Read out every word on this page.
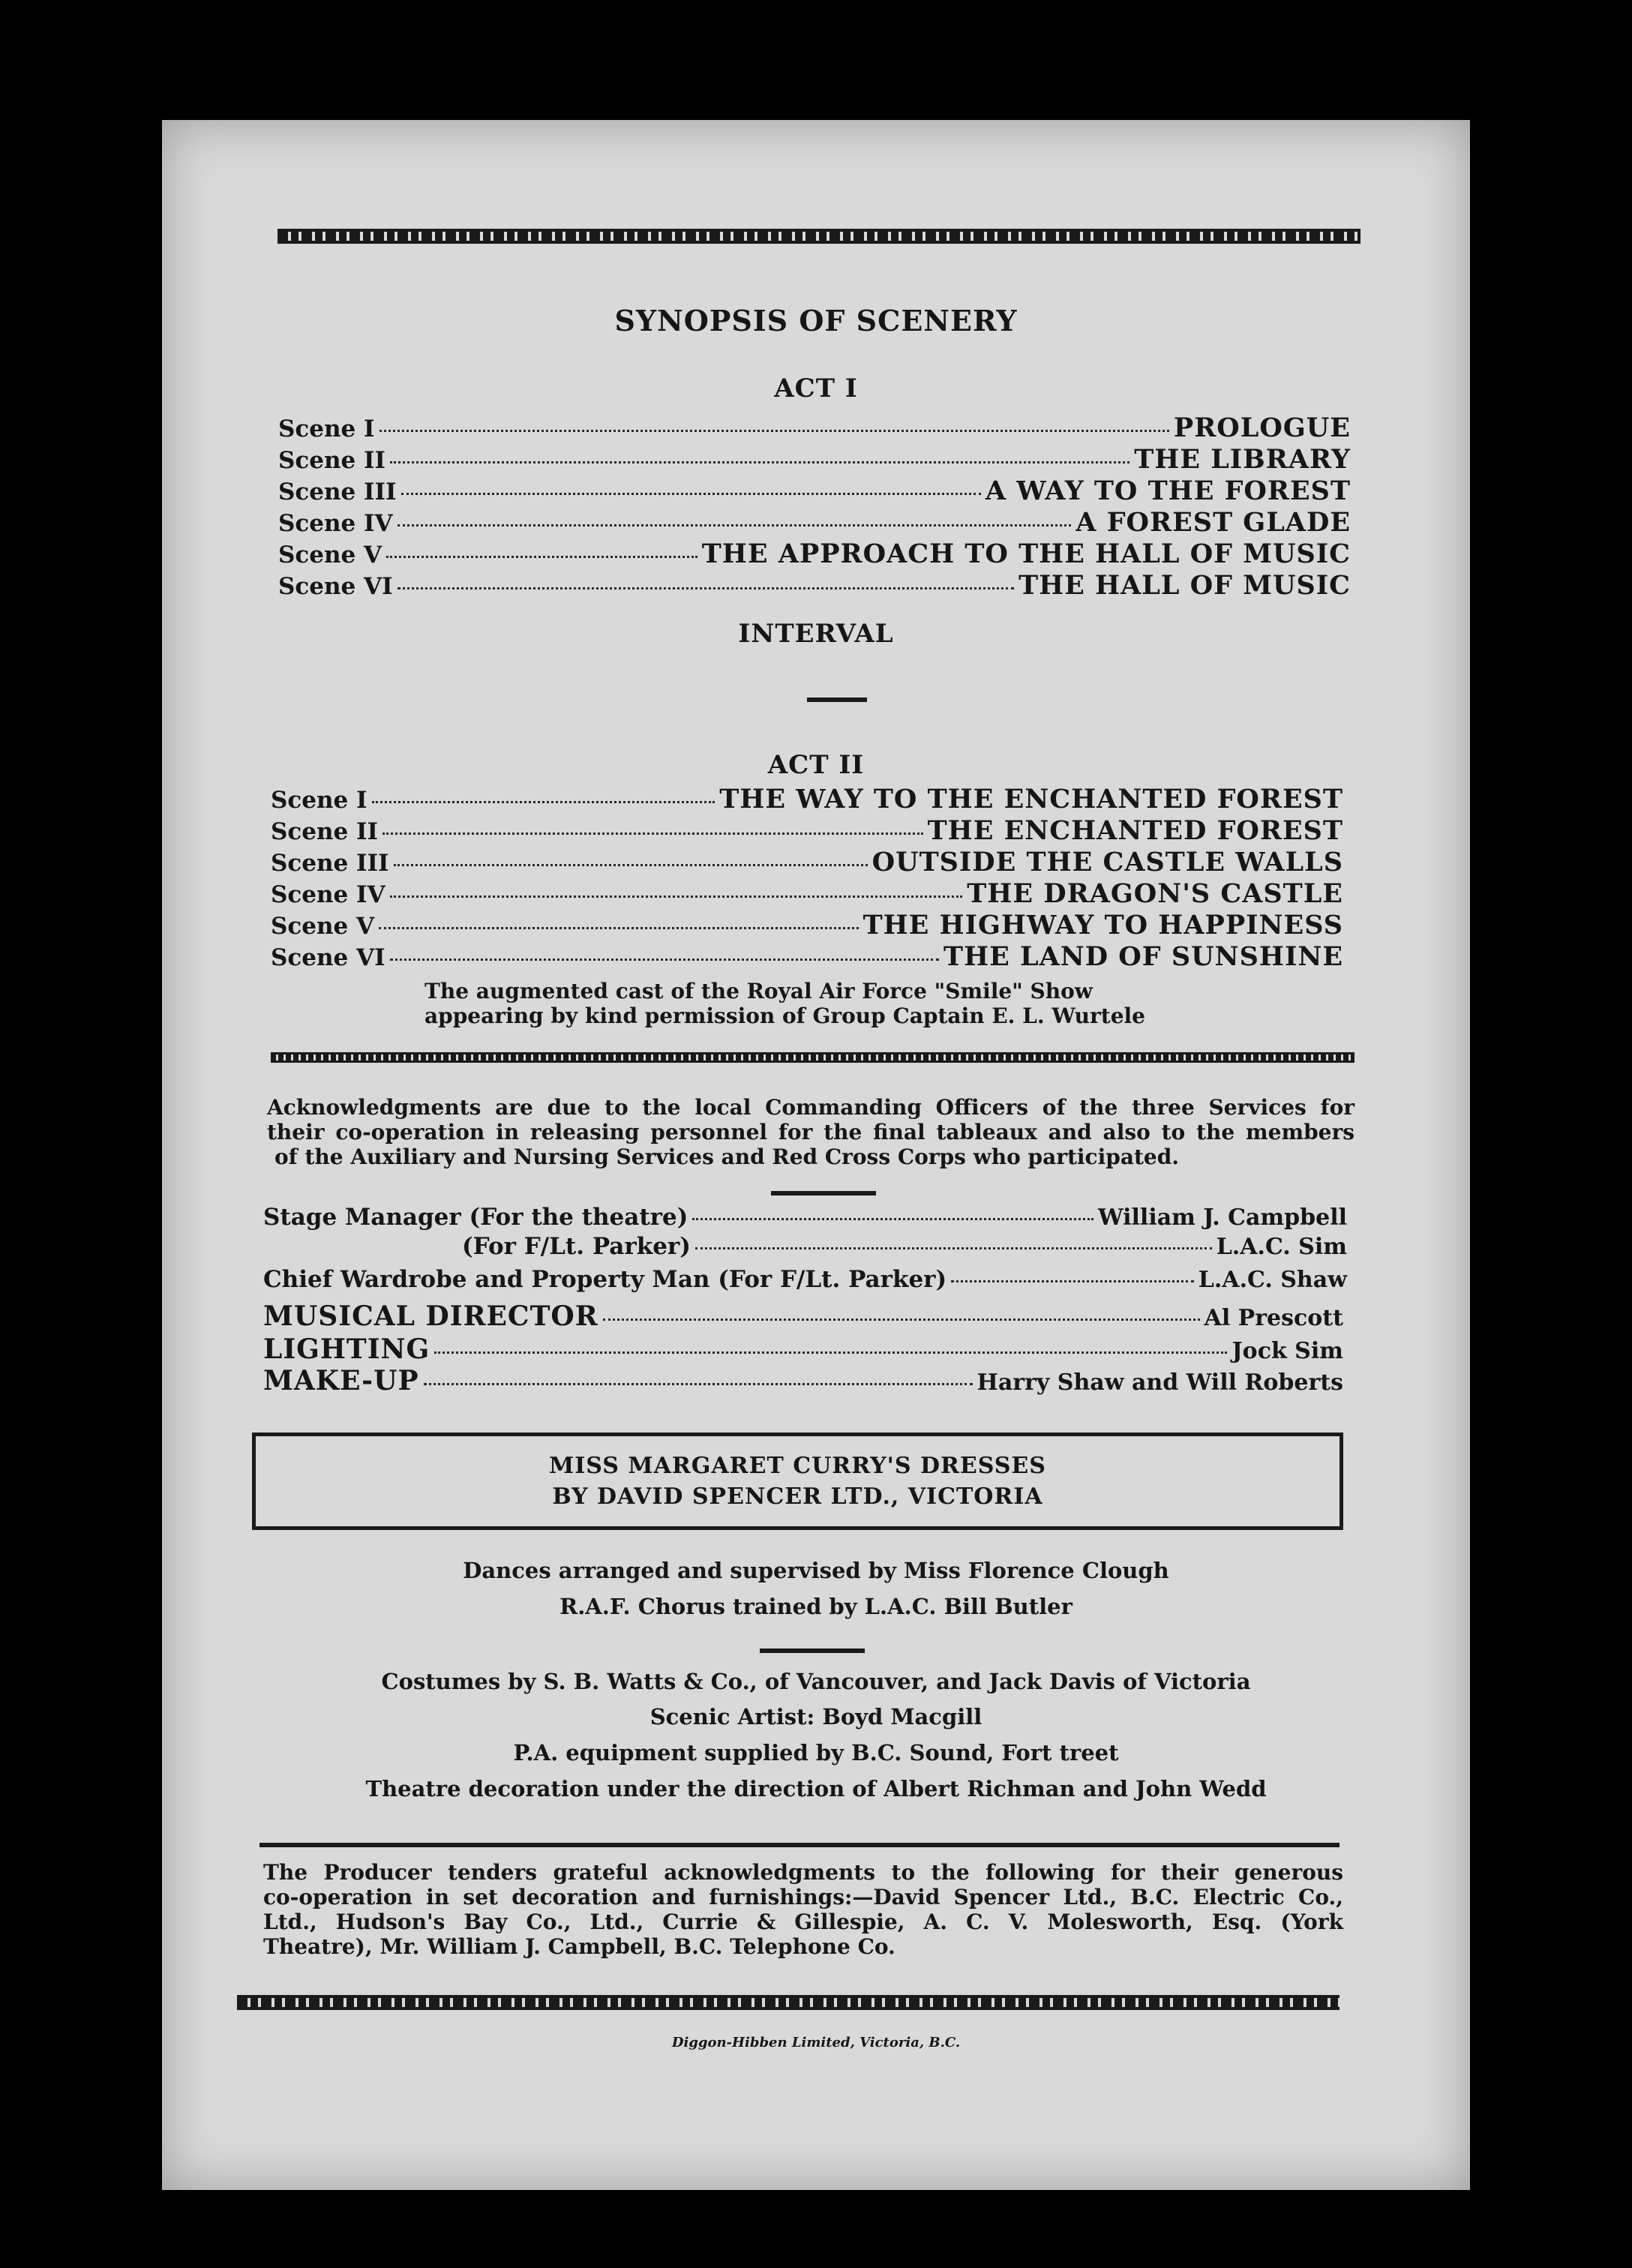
SYNOPSIS OF SCENERY
ACT I
Scene I	PROLOGUE
Scene II	THE LIBRARY
Scene III	A WAY TO THE FOREST
Scene IV	A FOREST GLADE
Scene V	THE APPROACH TO THE HALL OF MUSIC
Scene VI	THE HALL OF MUSIC
INTERVAL
ACT II
Scene I	THE WAY TO THE ENCHANTED FOREST
Scene II	THE ENCHANTED FOREST
Scene III	OUTSIDE THE CASTLE WALLS
Scene IV	THE DRAGON'S CASTLE
Scene V	THE HIGHWAY TO HAPPINESS
Scene VI	THE LAND OF SUNSHINE
The augmented cast of the Royal Air Force "Smile" Show
appearing by kind permission of Group Captain E. L. Wurtele
Acknowledgments are due to the local Commanding Officers of the three Services for
their co-operation in releasing personnel for the final tableaux and also to the members
of the Auxiliary and Nursing Services and Red Cross Corps who participated.
Stage Manager (For the theatre)	William J. Campbell
(For F/Lt. Parker)	L.A.C. Sim
Chief Wardrobe and Property Man (For F/Lt. Parker)	L.A.C. Shaw
MUSICAL DIRECTOR	Al Prescott
LIGHTING	Jock Sim
MAKE-UP	Harry Shaw and Will Roberts
MISS MARGARET CURRY'S DRESSES
BY DAVID SPENCER LTD., VICTORIA
Dances arranged and supervised by Miss Florence Clough
R.A.F. Chorus trained by L.A.C. Bill Butler
Costumes by S. B. Watts & Co., of Vancouver, and Jack Davis of Victoria
Scenic Artist: Boyd Macgill
P.A. equipment supplied by B.C. Sound, Fort treet
Theatre decoration under the direction of Albert Richman and John Wedd
The Producer tenders grateful acknowledgments to the following for their generous
co-operation in set decoration and furnishings:—David Spencer Ltd., B.C. Electric Co.,
Ltd., Hudson's Bay Co., Ltd., Currie & Gillespie, A. C. V. Molesworth, Esq. (York
Theatre), Mr. William J. Campbell, B.C. Telephone Co.
Diggon-Hibben Limited, Victoria, B.C.
